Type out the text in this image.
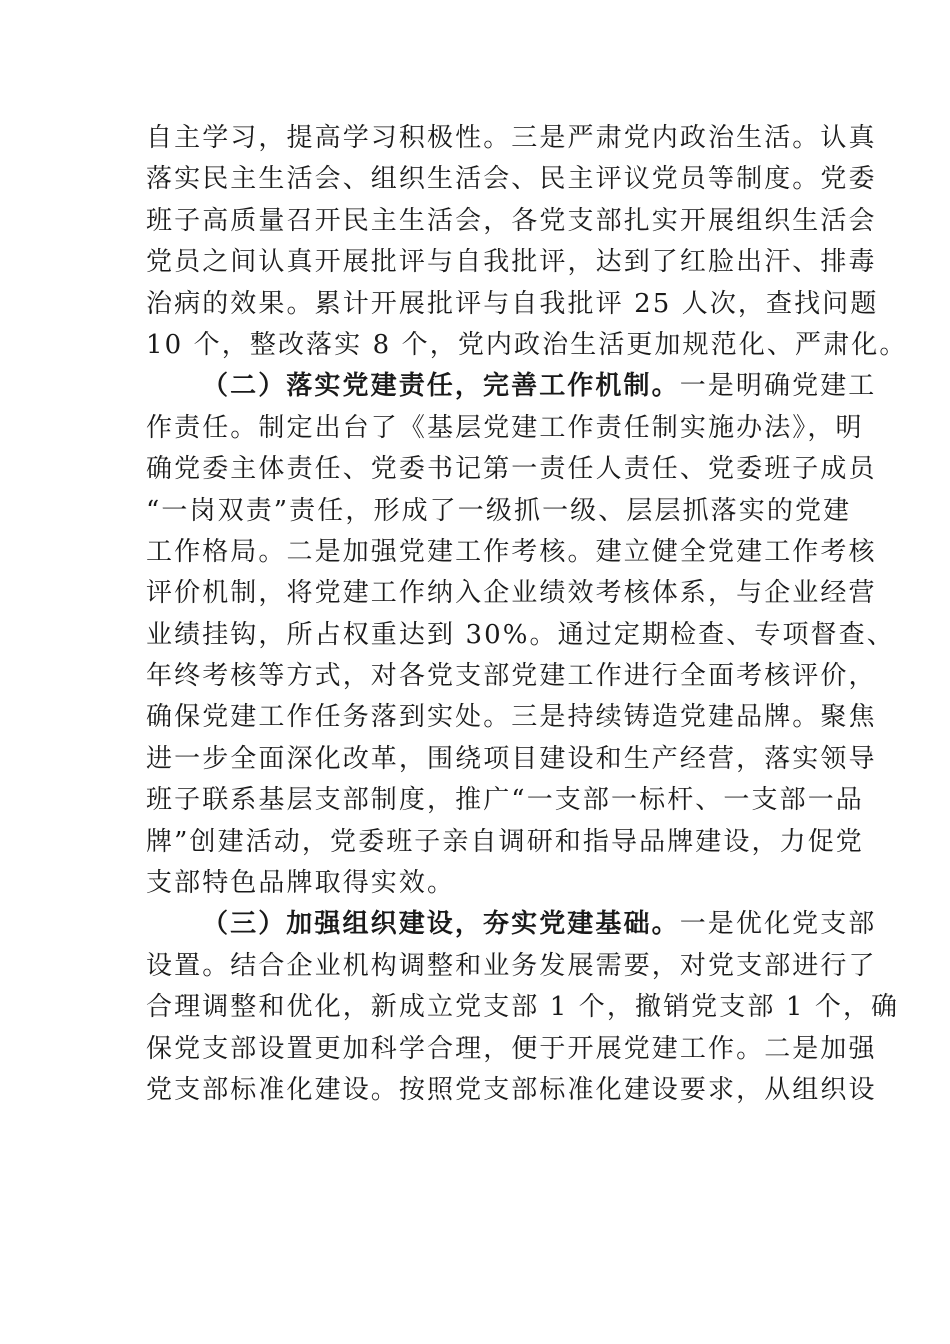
自主学习，提高学习积极性。三是严肃党内政治生活。认真
落实民主生活会、组织生活会、民主评议党员等制度。党委
班子高质量召开民主生活会，各党支部扎实开展组织生活会
党员之间认真开展批评与自我批评，达到了红脸出汗、排毒
治病的效果。累计开展批评与自我批评 25 人次，查找问题
10 个，整改落实 8 个，党内政治生活更加规范化、严肃化。
（二）落实党建责任，完善工作机制。一是明确党建工
作责任。制定出台了《基层党建工作责任制实施办法》，明
确党委主体责任、党委书记第一责任人责任、党委班子成员
“一岗双责”责任，形成了一级抓一级、层层抓落实的党建
工作格局。二是加强党建工作考核。建立健全党建工作考核
评价机制，将党建工作纳入企业绩效考核体系，与企业经营
业绩挂钩，所占权重达到 30%。通过定期检查、专项督查、
年终考核等方式，对各党支部党建工作进行全面考核评价，
确保党建工作任务落到实处。三是持续铸造党建品牌。聚焦
进一步全面深化改革，围绕项目建设和生产经营，落实领导
班子联系基层支部制度，推广“一支部一标杆、一支部一品
牌”创建活动，党委班子亲自调研和指导品牌建设，力促党
支部特色品牌取得实效。
（三）加强组织建设，夯实党建基础。一是优化党支部
设置。结合企业机构调整和业务发展需要，对党支部进行了
合理调整和优化，新成立党支部 1 个，撤销党支部 1 个，确
保党支部设置更加科学合理，便于开展党建工作。二是加强
党支部标准化建设。按照党支部标准化建设要求，从组织设
